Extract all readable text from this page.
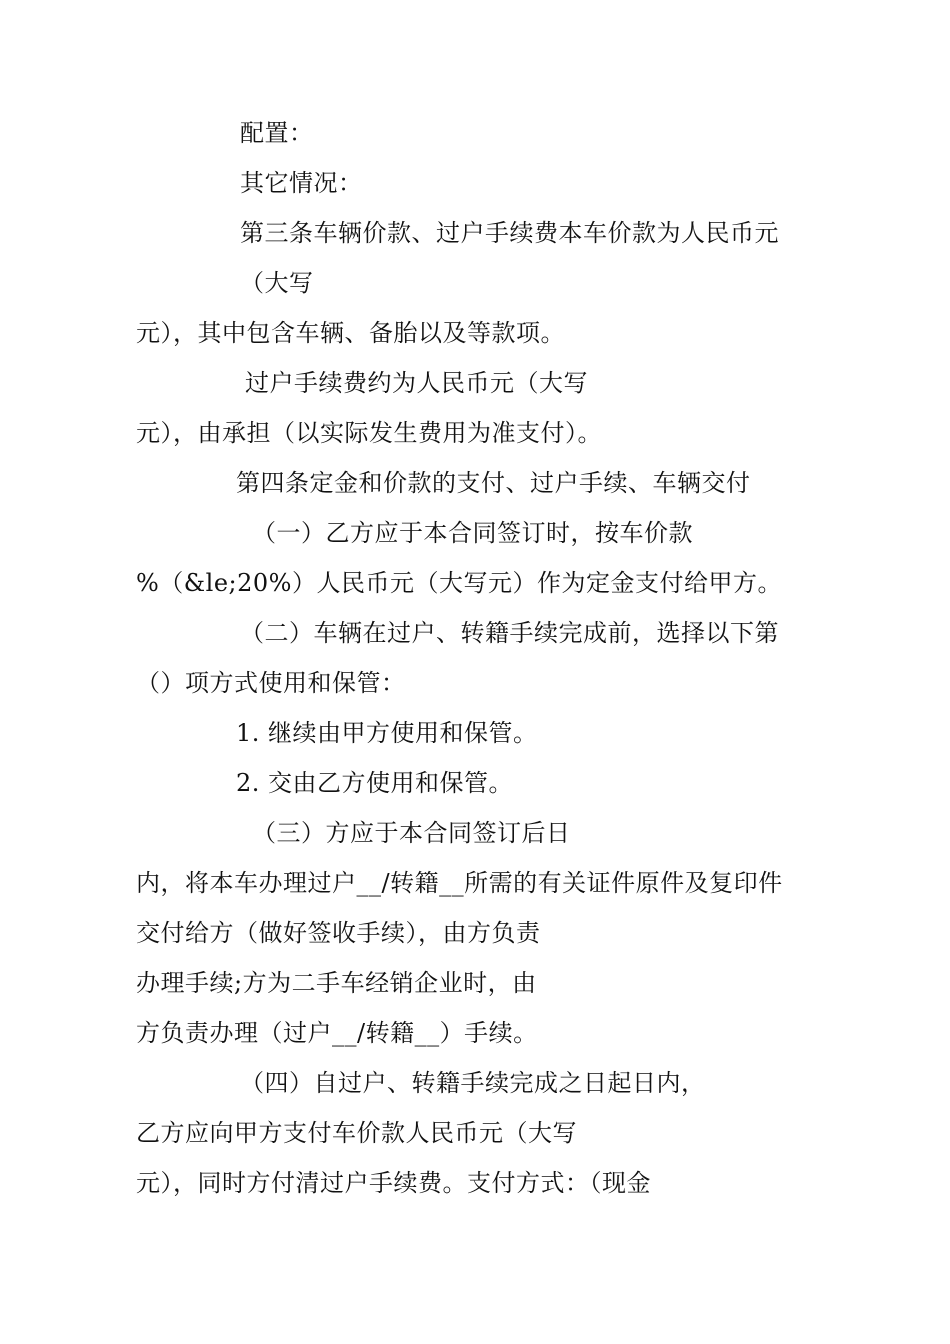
配置：
其它情况：
第三条车辆价款、过户手续费本车价款为人民币元
（大写
元），其中包含车辆、备胎以及等款项。
过户手续费约为人民币元（大写
元），由承担（以实际发生费用为准支付）。
第四条定金和价款的支付、过户手续、车辆交付
（一）乙方应于本合同签订时，按车价款
%（&le;20%）人民币元（大写元）作为定金支付给甲方。
（二）车辆在过户、转籍手续完成前，选择以下第
（）项方式使用和保管：
1. 继续由甲方使用和保管。
2. 交由乙方使用和保管。
（三）方应于本合同签订后日
内，将本车办理过户__/转籍__所需的有关证件原件及复印件
交付给方（做好签收手续），由方负责
办理手续;方为二手车经销企业时，由
方负责办理（过户__/转籍__）手续。
（四）自过户、转籍手续完成之日起日内，
乙方应向甲方支付车价款人民币元（大写
元），同时方付清过户手续费。支付方式：（现金
